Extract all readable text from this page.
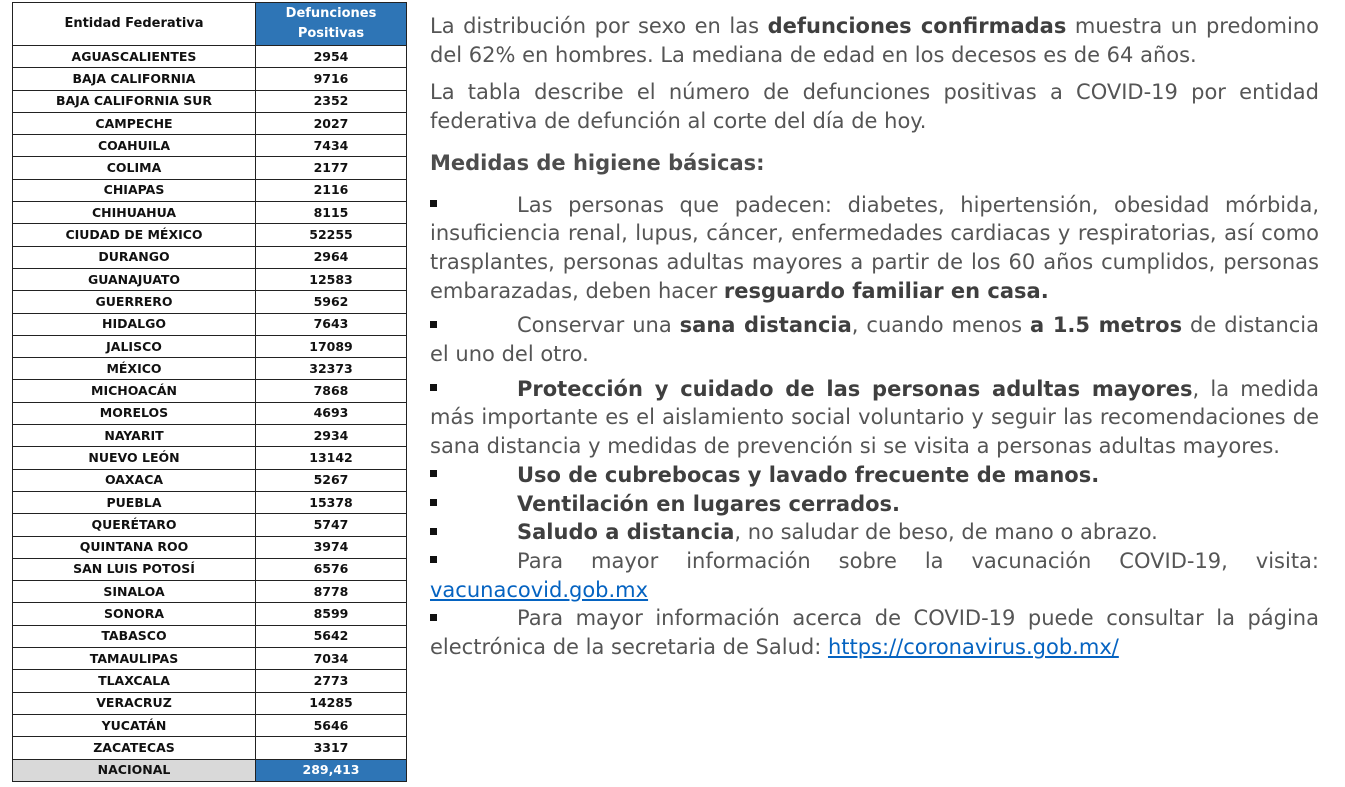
Entidad Federativa	Defunciones Positivas
AGUASCALIENTES	2954
BAJA CALIFORNIA	9716
BAJA CALIFORNIA SUR	2352
CAMPECHE	2027
COAHUILA	7434
COLIMA	2177
CHIAPAS	2116
CHIHUAHUA	8115
CIUDAD DE MÉXICO	52255
DURANGO	2964
GUANAJUATO	12583
GUERRERO	5962
HIDALGO	7643
JALISCO	17089
MÉXICO	32373
MICHOACÁN	7868
MORELOS	4693
NAYARIT	2934
NUEVO LEÓN	13142
OAXACA	5267
PUEBLA	15378
QUERÉTARO	5747
QUINTANA ROO	3974
SAN LUIS POTOSÍ	6576
SINALOA	8778
SONORA	8599
TABASCO	5642
TAMAULIPAS	7034
TLAXCALA	2773
VERACRUZ	14285
YUCATÁN	5646
ZACATECAS	3317
NACIONAL	289,413

La distribución por sexo en las defunciones confirmadas muestra un predomino del 62% en hombres. La mediana de edad en los decesos es de 64 años.

La tabla describe el número de defunciones positivas a COVID-19 por entidad federativa de defunción al corte del día de hoy.

Medidas de higiene básicas:

Las personas que padecen: diabetes, hipertensión, obesidad mórbida, insuficiencia renal, lupus, cáncer, enfermedades cardiacas y respiratorias, así como trasplantes, personas adultas mayores a partir de los 60 años cumplidos, personas embarazadas, deben hacer resguardo familiar en casa.

Conservar una sana distancia, cuando menos a 1.5 metros de distancia el uno del otro.

Protección y cuidado de las personas adultas mayores, la medida más importante es el aislamiento social voluntario y seguir las recomendaciones de sana distancia y medidas de prevención si se visita a personas adultas mayores.

Uso de cubrebocas y lavado frecuente de manos.

Ventilación en lugares cerrados.

Saludo a distancia, no saludar de beso, de mano o abrazo.

Para mayor información sobre la vacunación COVID-19, visita: vacunacovid.gob.mx

Para mayor información acerca de COVID-19 puede consultar la página electrónica de la secretaria de Salud: https://coronavirus.gob.mx/
